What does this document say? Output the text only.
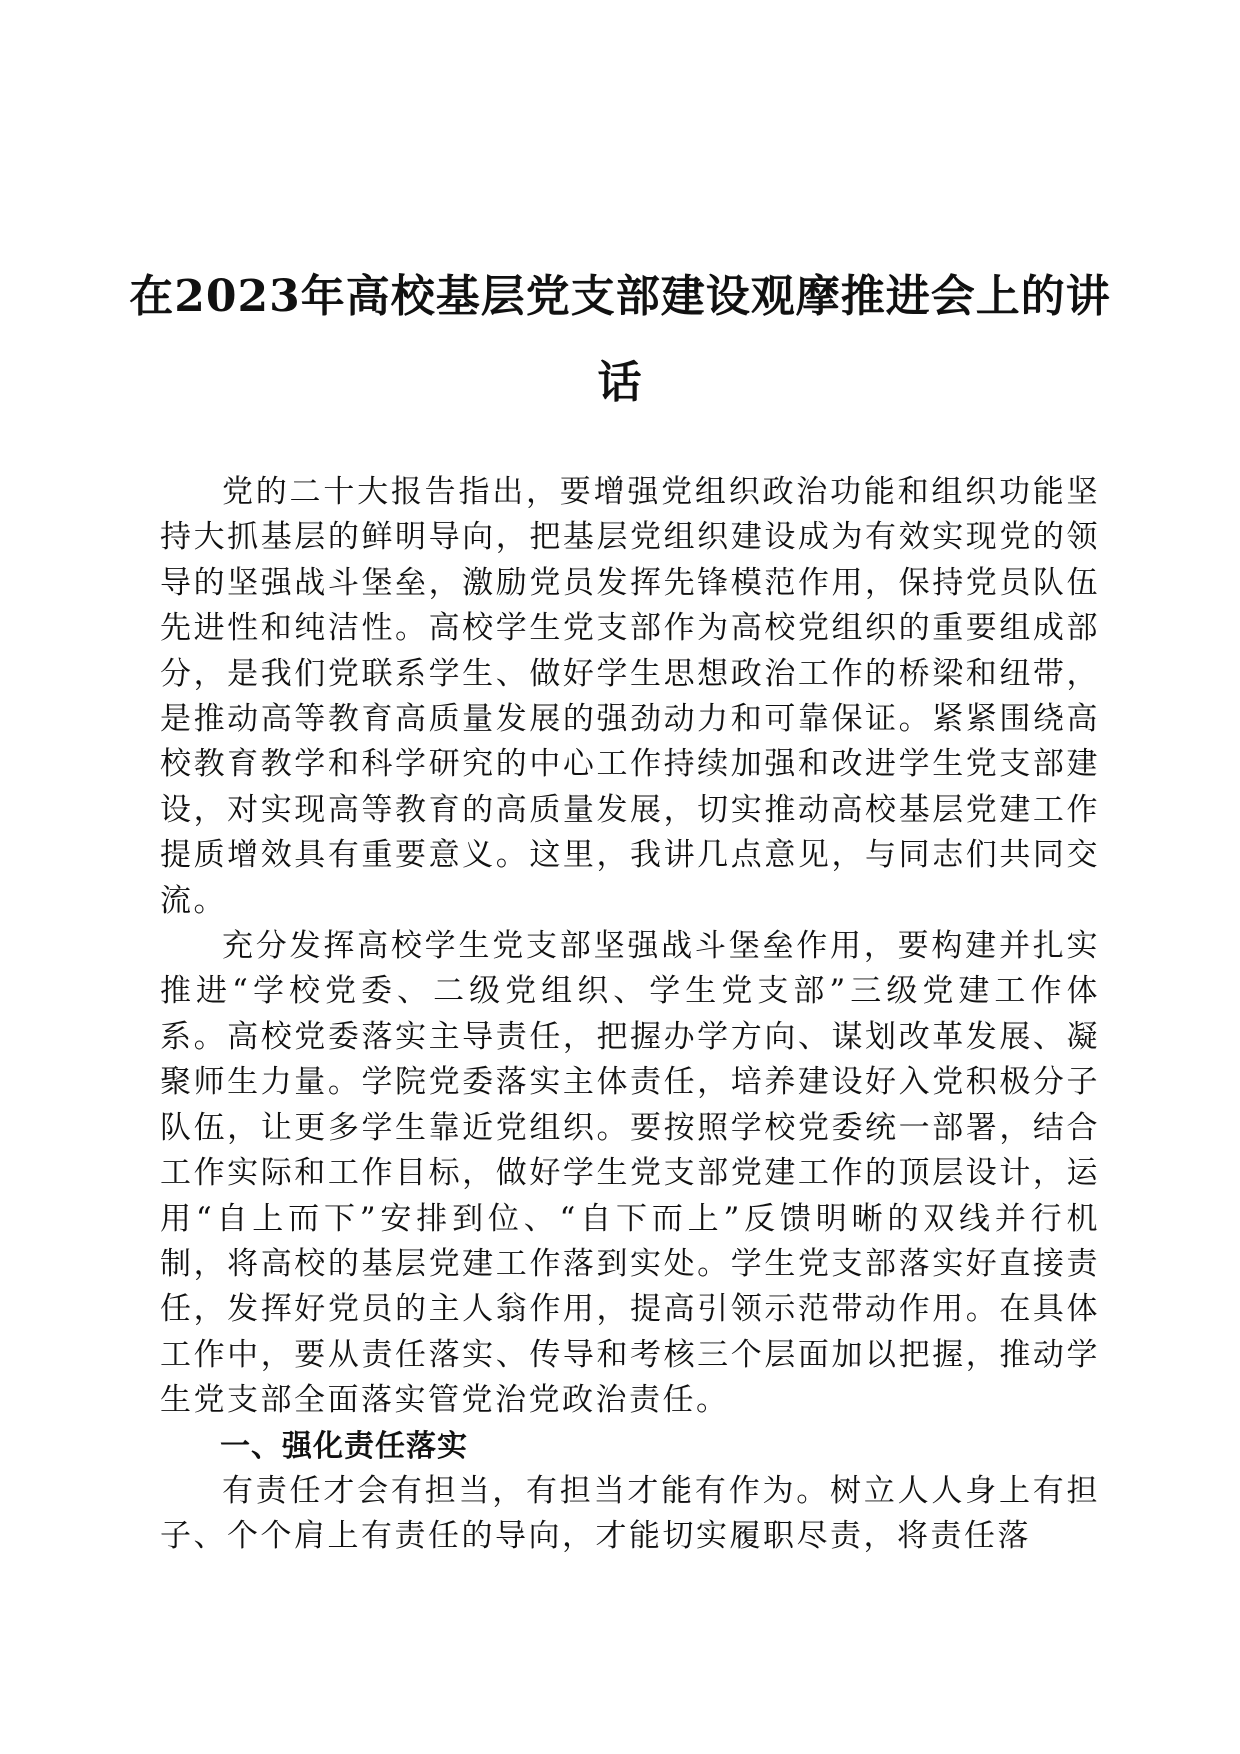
在2023年高校基层党支部建设观摩推进会上的讲话

党的二十大报告指出，要增强党组织政治功能和组织功能坚持大抓基层的鲜明导向，把基层党组织建设成为有效实现党的领导的坚强战斗堡垒，激励党员发挥先锋模范作用，保持党员队伍先进性和纯洁性。高校学生党支部作为高校党组织的重要组成部分，是我们党联系学生、做好学生思想政治工作的桥梁和纽带，是推动高等教育高质量发展的强劲动力和可靠保证。紧紧围绕高校教育教学和科学研究的中心工作持续加强和改进学生党支部建设，对实现高等教育的高质量发展，切实推动高校基层党建工作提质增效具有重要意义。这里，我讲几点意见，与同志们共同交流。

充分发挥高校学生党支部坚强战斗堡垒作用，要构建并扎实推进“学校党委、二级党组织、学生党支部”三级党建工作体系。高校党委落实主导责任，把握办学方向、谋划改革发展、凝聚师生力量。学院党委落实主体责任，培养建设好入党积极分子队伍，让更多学生靠近党组织。要按照学校党委统一部署，结合工作实际和工作目标，做好学生党支部党建工作的顶层设计，运用“自上而下”安排到位、“自下而上”反馈明晰的双线并行机制，将高校的基层党建工作落到实处。学生党支部落实好直接责任，发挥好党员的主人翁作用，提高引领示范带动作用。在具体工作中，要从责任落实、传导和考核三个层面加以把握，推动学生党支部全面落实管党治党政治责任。

一、强化责任落实

有责任才会有担当，有担当才能有作为。树立人人身上有担子、个个肩上有责任的导向，才能切实履职尽责，将责任落
